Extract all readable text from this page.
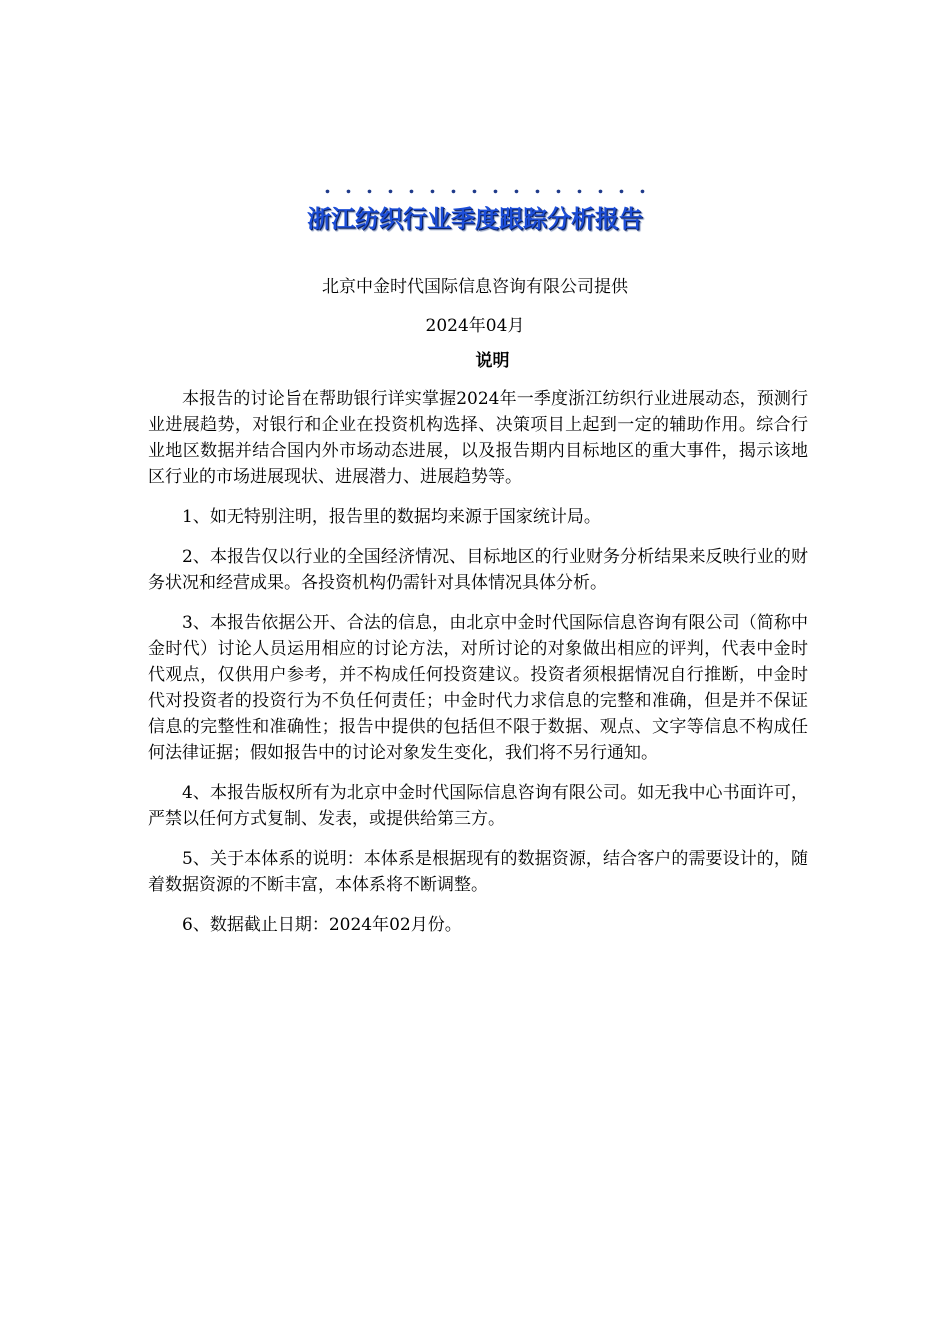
. . . . . . . . . . . . . . . .
浙江纺织行业季度跟踪分析报告
北京中金时代国际信息咨询有限公司提供
2024年04月
说明

本报告的讨论旨在帮助银行详实掌握2024年一季度浙江纺织行业进展动态，预测行业进展趋势，对银行和企业在投资机构选择、决策项目上起到一定的辅助作用。综合行业地区数据并结合国内外市场动态进展，以及报告期内目标地区的重大事件，揭示该地区行业的市场进展现状、进展潜力、进展趋势等。

1、如无特别注明，报告里的数据均来源于国家统计局。

2、本报告仅以行业的全国经济情况、目标地区的行业财务分析结果来反映行业的财务状况和经营成果。各投资机构仍需针对具体情况具体分析。

3、本报告依据公开、合法的信息，由北京中金时代国际信息咨询有限公司（简称中金时代）讨论人员运用相应的讨论方法，对所讨论的对象做出相应的评判，代表中金时代观点，仅供用户参考，并不构成任何投资建议。投资者须根据情况自行推断，中金时代对投资者的投资行为不负任何责任；中金时代力求信息的完整和准确，但是并不保证信息的完整性和准确性；报告中提供的包括但不限于数据、观点、文字等信息不构成任何法律证据；假如报告中的讨论对象发生变化，我们将不另行通知。

4、本报告版权所有为北京中金时代国际信息咨询有限公司。如无我中心书面许可，严禁以任何方式复制、发表，或提供给第三方。

5、关于本体系的说明：本体系是根据现有的数据资源，结合客户的需要设计的，随着数据资源的不断丰富，本体系将不断调整。

6、数据截止日期：2024年02月份。
